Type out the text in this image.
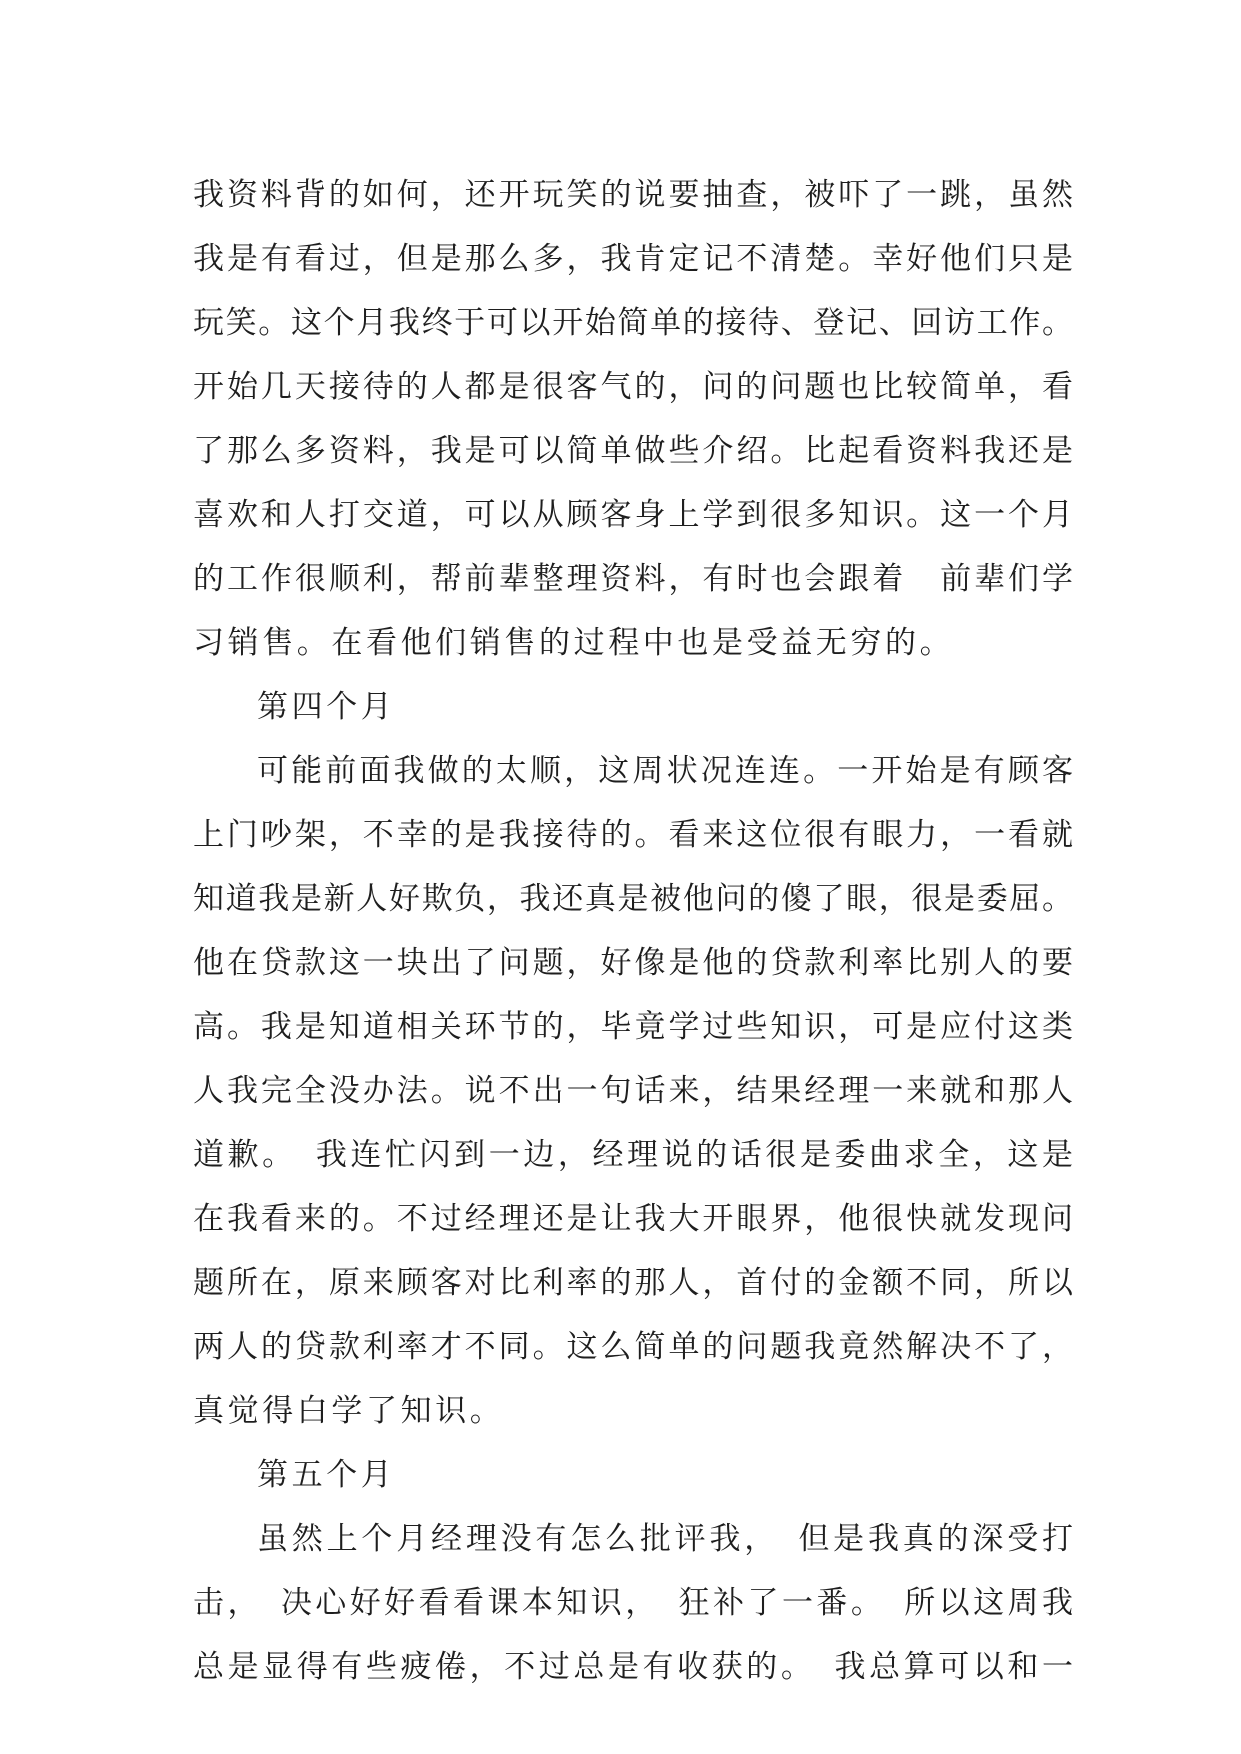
我资料背的如何，还开玩笑的说要抽查，被吓了一跳，虽然
我是有看过，但是那么多，我肯定记不清楚。幸好他们只是
玩笑。这个月我终于可以开始简单的接待、登记、回访工作。
开始几天接待的人都是很客气的，问的问题也比较简单，看
了那么多资料，我是可以简单做些介绍。比起看资料我还是
喜欢和人打交道，可以从顾客身上学到很多知识。这一个月
的工作很顺利，帮前辈整理资料，有时也会跟着　前辈们学
习销售。在看他们销售的过程中也是受益无穷的。
第四个月
可能前面我做的太顺，这周状况连连。一开始是有顾客
上门吵架，不幸的是我接待的。看来这位很有眼力，一看就
知道我是新人好欺负，我还真是被他问的傻了眼，很是委屈。
他在贷款这一块出了问题，好像是他的贷款利率比别人的要
高。我是知道相关环节的，毕竟学过些知识，可是应付这类
人我完全没办法。说不出一句话来，结果经理一来就和那人
道歉。　我连忙闪到一边，经理说的话很是委曲求全，这是
在我看来的。不过经理还是让我大开眼界，他很快就发现问
题所在，原来顾客对比利率的那人，首付的金额不同，所以
两人的贷款利率才不同。这么简单的问题我竟然解决不了，
真觉得白学了知识。
第五个月
虽然上个月经理没有怎么批评我，　但是我真的深受打
击，　决心好好看看课本知识，　狂补了一番。　所以这周我
总是显得有些疲倦，不过总是有收获的。　我总算可以和一
